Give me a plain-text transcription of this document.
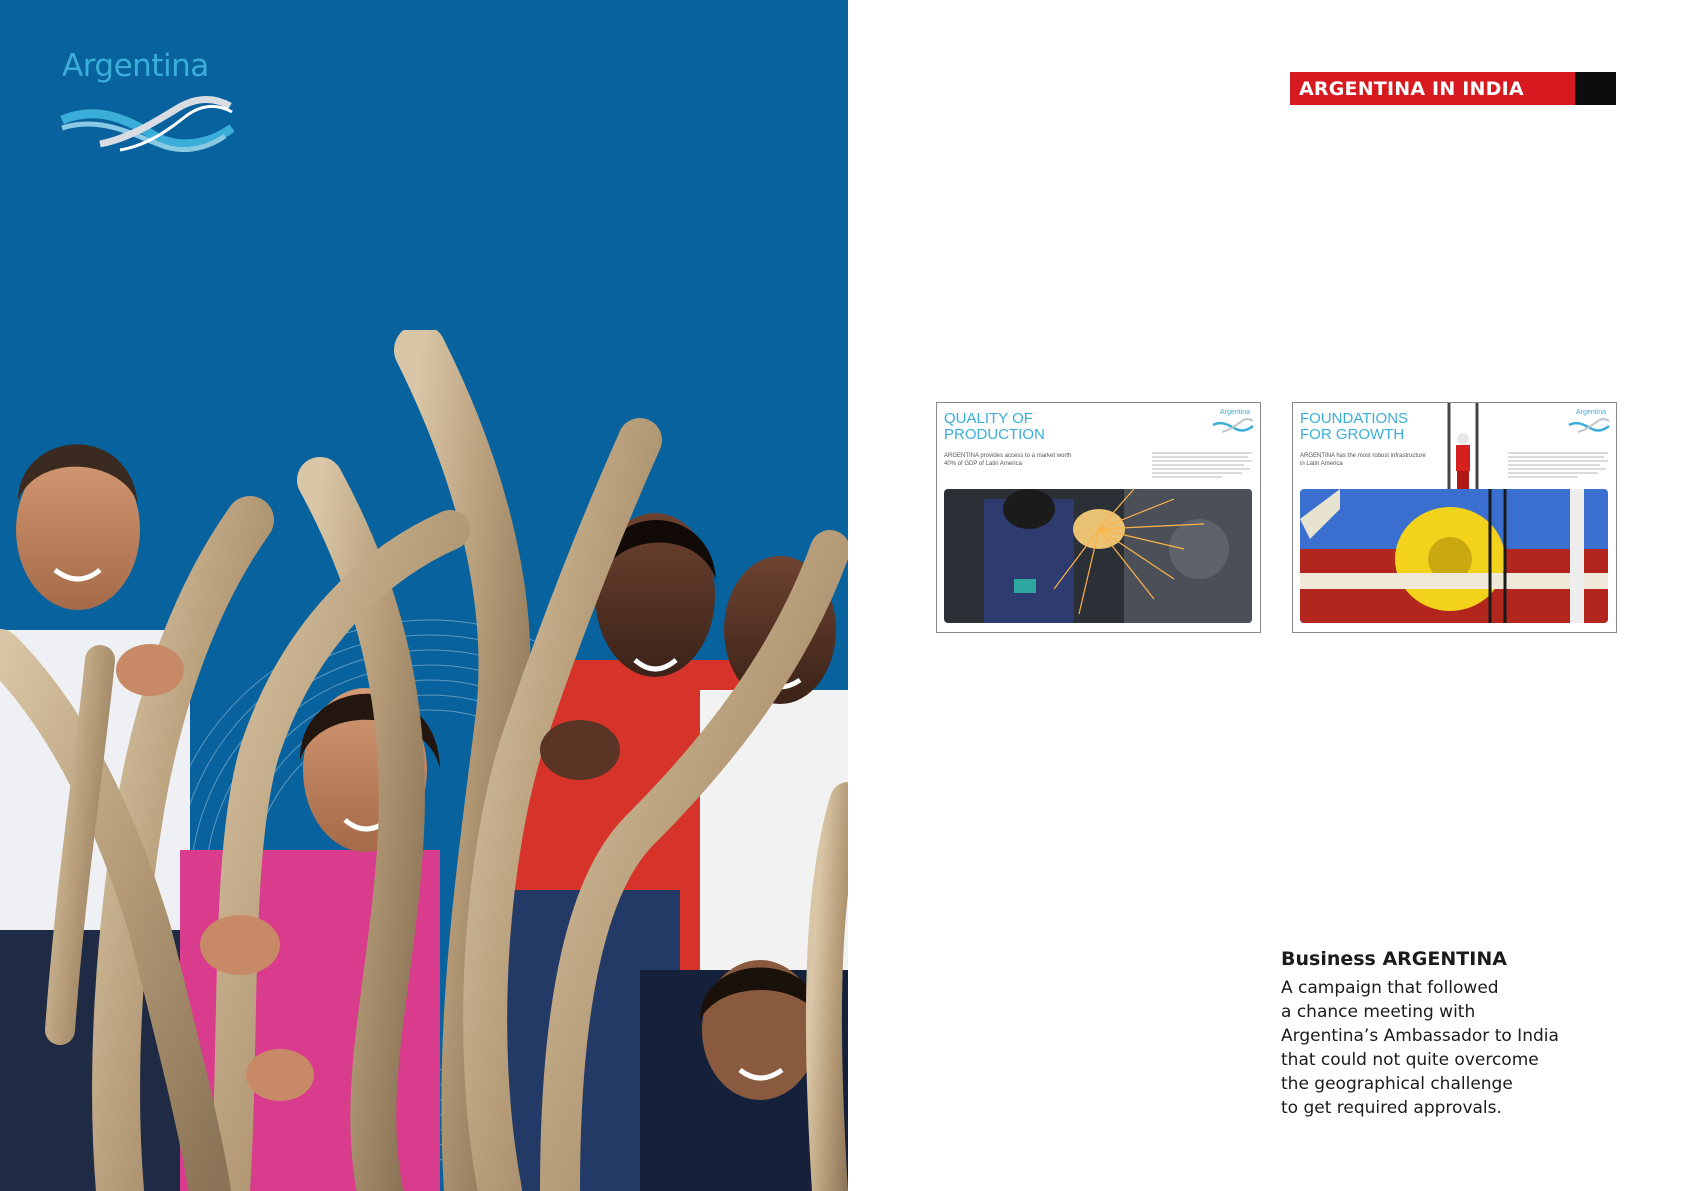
Argentina
ARGENTINA IN INDIA
QUALITY OF
PRODUCTION
ARGENTINA provides access to a market worth 40% of GDP of Latin America
Argentina	FOUNDATIONS
FOR GROWTH
ARGENTINA has the most robust infrastructure in Latin America
Argentina
Business ARGENTINA
A campaign that followed
a chance meeting with
Argentina’s Ambassador to India
that could not quite overcome
the geographical challenge
to get required approvals.
